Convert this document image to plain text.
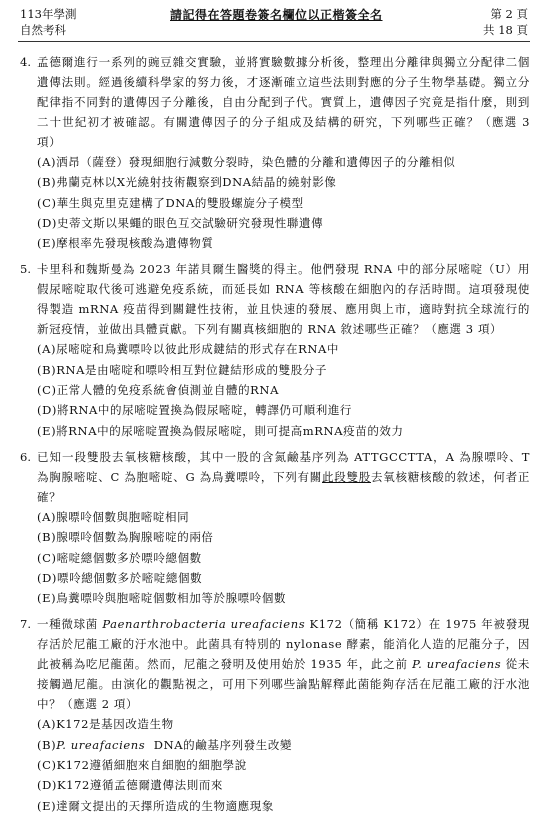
113年學測
自然考科
請記得在答題卷簽名欄位以正楷簽全名	第 2 頁
共 18 頁
4. 孟德爾進行一系列的豌豆雜交實驗，並將實驗數據分析後，整理出分離律與獨立分配律二個遺傳法則。經過後續科學家的努力後，才逐漸確立這些法則對應的分子生物學基礎。獨立分配律指不同對的遺傳因子分離後，自由分配到子代。實質上，遺傳因子究竟是指什麼，則到二十世紀初才被確認。有關遺傳因子的分子組成及結構的研究，下列哪些正確？（應選 3 項）
(A)洒昂（薩登）發現細胞行減數分裂時，染色體的分離和遺傳因子的分離相似
(B)弗蘭克林以X光繞射技術觀察到DNA結晶的繞射影像
(C)華生與克里克建構了DNA的雙股螺旋分子模型
(D)史蒂文斯以果蠅的眼色互交試驗研究發現性聯遺傳
(E)摩根率先發現核酸為遺傳物質
5. 卡里科和魏斯曼為 2023 年諾貝爾生醫獎的得主。他們發現 RNA 中的部分尿嘧啶（U）用假尿嘧啶取代後可逃避免疫系統，而延長如 RNA 等核酸在細胞內的存活時間。這項發現使得製造 mRNA 疫苗得到關鍵性技術，並且快速的發展、應用與上市，適時對抗全球流行的新冠疫情，並做出具體貢獻。下列有關真核細胞的 RNA 敘述哪些正確？（應選 3 項）
(A)尿嘧啶和鳥糞嘌呤以彼此形成鍵結的形式存在RNA中
(B)RNA是由嘧啶和嘌呤相互對位鍵結形成的雙股分子
(C)正常人體的免疫系統會偵測並自體的RNA
(D)將RNA中的尿嘧啶置換為假尿嘧啶，轉譯仍可順利進行
(E)將RNA中的尿嘧啶置換為假尿嘧啶，則可提高mRNA疫苗的效力
6. 已知一段雙股去氧核糖核酸，其中一股的含氮鹼基序列為 ATTGCCTTA，A 為腺嘌呤、T 為胸腺嘧啶、C 為胞嘧啶、G 為鳥糞嘌呤，下列有關此段雙股去氧核糖核酸的敘述，何者正確？
(A)腺嘌呤個數與胞嘧啶相同
(B)腺嘌呤個數為胸腺嘧啶的兩倍
(C)嘧啶總個數多於嘌呤總個數
(D)嘌呤總個數多於嘧啶總個數
(E)鳥糞嘌呤與胞嘧啶個數相加等於腺嘌呤個數
7. 一種微球菌 Paenarthrobacteria ureafaciens K172（簡稱 K172）在 1975 年被發現存活於尼龍工廠的汙水池中。此菌具有特別的 nylonase 酵素，能消化人造的尼龍分子，因此被稱為吃尼龍菌。然而，尼龍之發明及使用始於 1935 年，此之前 P. ureafaciens 從未接觸過尼龍。由演化的觀點視之，可用下列哪些論點解釋此菌能夠存活在尼龍工廠的汙水池中？（應選 2 項）
(A)K172是基因改造生物
(B)P. ureafaciens  DNA的鹼基序列發生改變
(C)K172遵循細胞來自細胞的細胞學說
(D)K172遵循孟德爾遺傳法則而來
(E)達爾文提出的天擇所造成的生物適應現象
